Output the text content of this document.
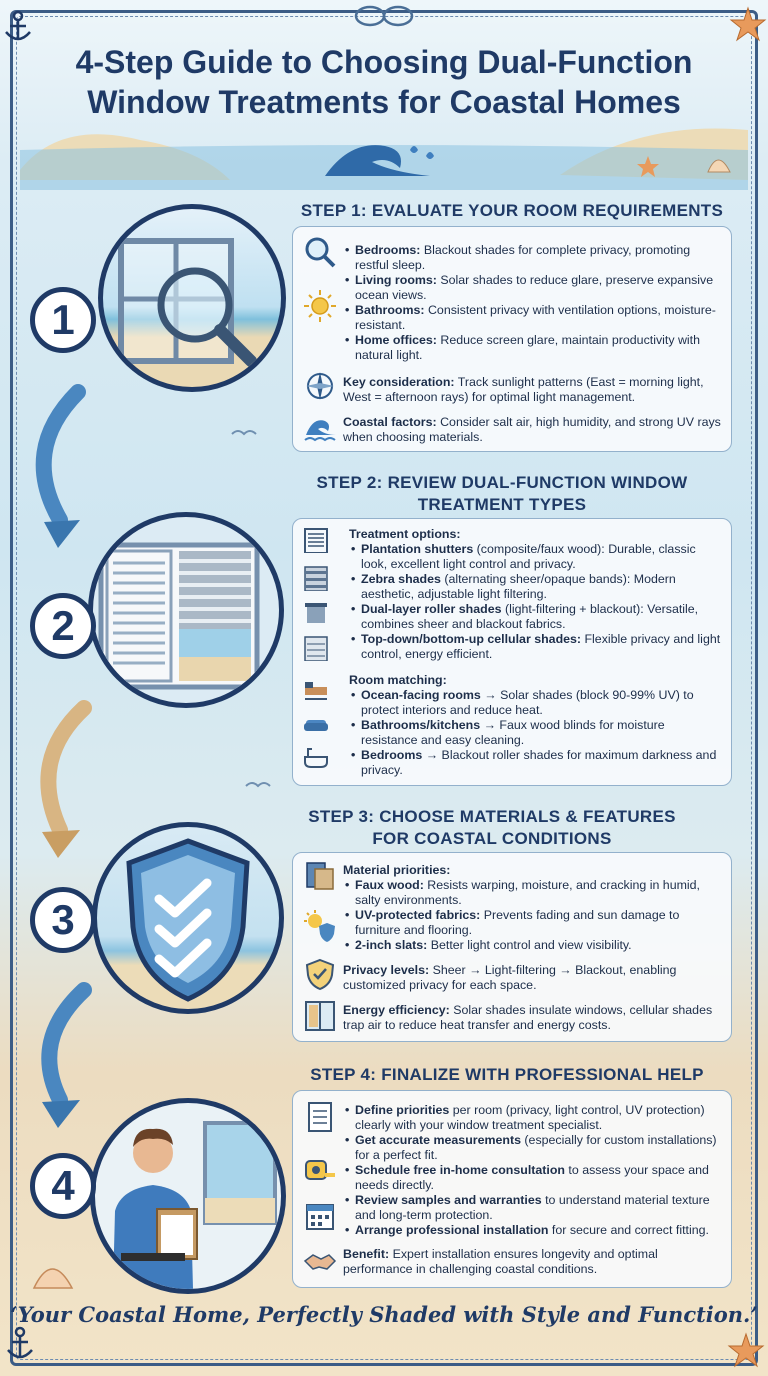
4-Step Guide to Choosing Dual-Function
Window Treatments for Coastal Homes
1
STEP 1: EVALUATE YOUR ROOM REQUIREMENTS
• Bedrooms: Blackout shades for complete privacy, promoting restful sleep.
• Living rooms: Solar shades to reduce glare, preserve expansive ocean views.
• Bathrooms: Consistent privacy with ventilation options, moisture-resistant.
• Home offices: Reduce screen glare, maintain productivity with natural light.
Key consideration: Track sunlight patterns (East = morning light, West = afternoon rays) for optimal light management.
Coastal factors: Consider salt air, high humidity, and strong UV rays when choosing materials.
2
STEP 2: REVIEW DUAL-FUNCTION WINDOW
TREATMENT TYPES
Treatment options:
• Plantation shutters (composite/faux wood): Durable, classic look, excellent light control and privacy.
• Zebra shades (alternating sheer/opaque bands): Modern aesthetic, adjustable light filtering.
• Dual-layer roller shades (light-filtering + blackout): Versatile, combines sheer and blackout fabrics.
• Top-down/bottom-up cellular shades: Flexible privacy and light control, energy efficient.
Room matching:
• Ocean-facing rooms → Solar shades (block 90-99% UV) to protect interiors and reduce heat.
• Bathrooms/kitchens → Faux wood blinds for moisture resistance and easy cleaning.
• Bedrooms → Blackout roller shades for maximum darkness and privacy.
3
STEP 3: CHOOSE MATERIALS & FEATURES
FOR COASTAL CONDITIONS
Material priorities:
• Faux wood: Resists warping, moisture, and cracking in humid, salty environments.
• UV-protected fabrics: Prevents fading and sun damage to furniture and flooring.
• 2-inch slats: Better light control and view visibility.
Privacy levels: Sheer → Light-filtering → Blackout, enabling customized privacy for each space.
Energy efficiency: Solar shades insulate windows, cellular shades trap air to reduce heat transfer and energy costs.
4
STEP 4: FINALIZE WITH PROFESSIONAL HELP
• Define priorities per room (privacy, light control, UV protection) clearly with your window treatment specialist.
• Get accurate measurements (especially for custom installations) for a perfect fit.
• Schedule free in-home consultation to assess your space and needs directly.
• Review samples and warranties to understand material texture and long-term protection.
• Arrange professional installation for secure and correct fitting.
Benefit: Expert installation ensures longevity and optimal performance in challenging coastal conditions.
‘Your Coastal Home, Perfectly Shaded with Style and Function.’
